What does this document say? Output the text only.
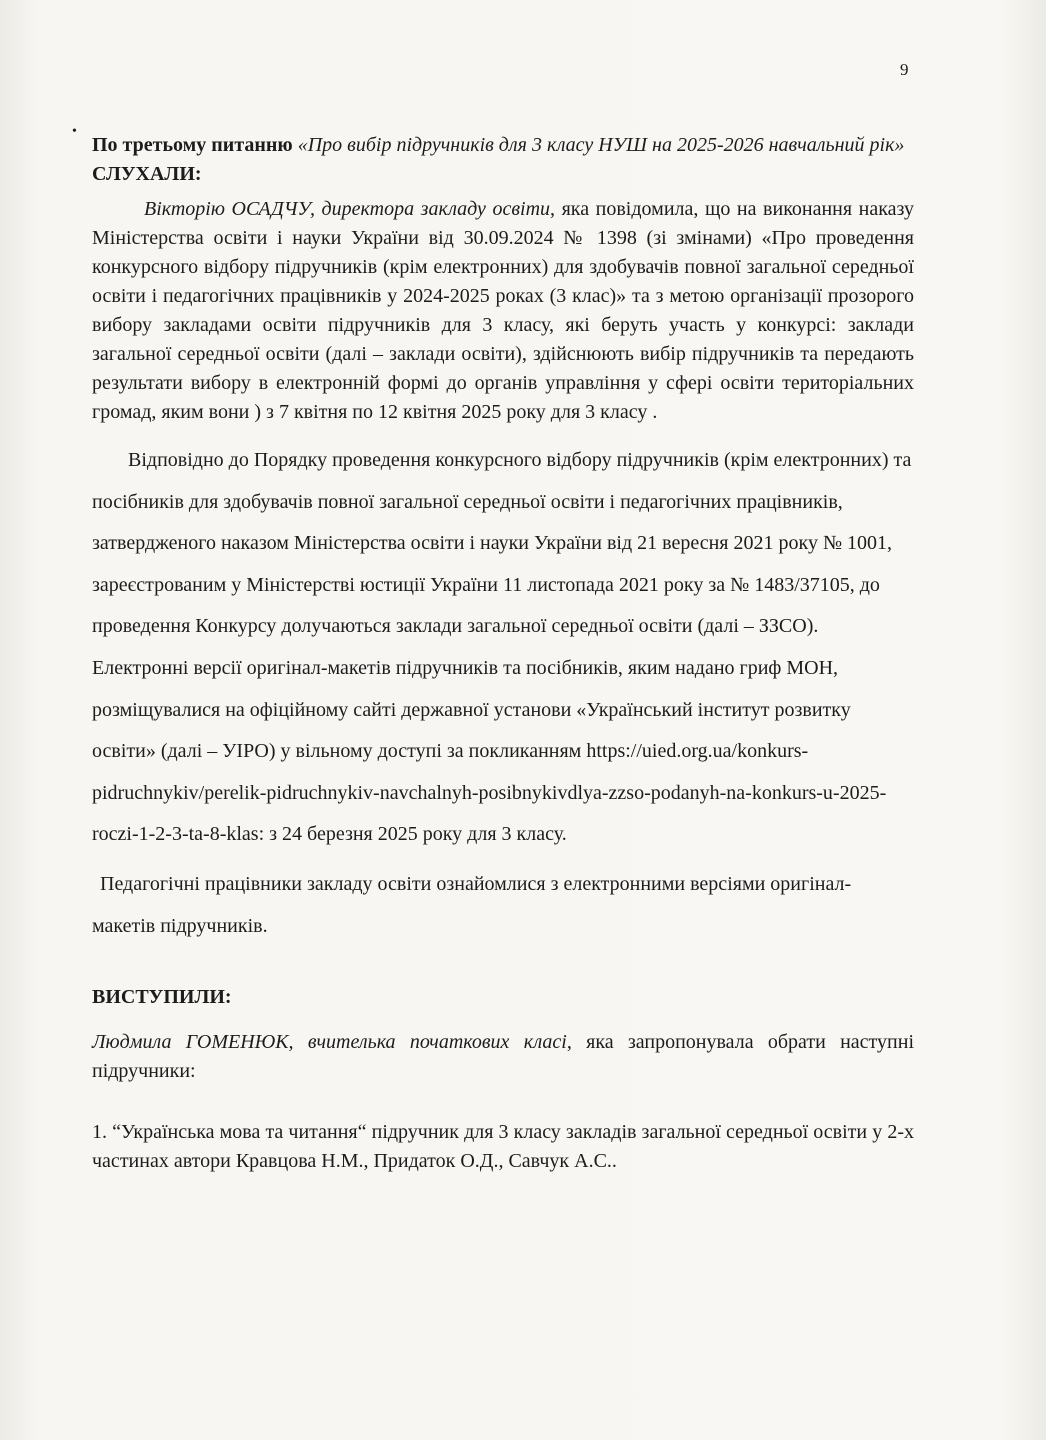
9
•

По третьому питанню «Про вибір підручників для 3 класу НУШ на 2025-2026 навчальний рік»

СЛУХАЛИ:

Вікторію ОСАДЧУ, директора закладу освіти, яка повідомила, що на виконання наказу Міністерства освіти і науки України від 30.09.2024 № 1398 (зі змінами) «Про проведення конкурсного відбору підручників (крім електронних) для здобувачів повної загальної середньої освіти і педагогічних працівників у 2024-2025 роках (3 клас)» та з метою організації прозорого вибору закладами освіти підручників для 3 класу, які беруть участь у конкурсі: заклади загальної середньої освіти (далі – заклади освіти), здійснюють вибір підручників та передають результати вибору в електронній формі до органів управління у сфері освіти територіальних громад, яким вони ) з 7 квітня по 12 квітня 2025 року для 3 класу .

Відповідно до Порядку проведення конкурсного відбору підручників (крім електронних) та посібників для здобувачів повної загальної середньої освіти і педагогічних працівників, затвердженого наказом Міністерства освіти і науки України від 21 вересня 2021 року № 1001, зареєстрованим у Міністерстві юстиції України 11 листопада 2021 року за № 1483/37105, до проведення Конкурсу долучаються заклади загальної середньої освіти (далі – ЗЗСО). Електронні версії оригінал-макетів підручників та посібників, яким надано гриф МОН, розміщувалися на офіційному сайті державної установи «Український інститут розвитку освіти» (далі – УІРО) у вільному доступі за покликанням https://uied.org.ua/konkurs-pidruchnykiv/perelik-pidruchnykiv-navchalnyh-posibnykivdlya-zzso-podanyh-na-konkurs-u-2025-roczi-1-2-3-ta-8-klas: з 24 березня 2025 року для 3 класу.

Педагогічні працівники закладу освіти ознайомлися з електронними версіями оригінал-макетів підручників.

ВИСТУПИЛИ:

Людмила ГОМЕНЮК, вчителька початкових класі, яка запропонувала обрати наступні підручники:

1. “Українська мова та читання“ підручник для 3 класу закладів загальної середньої освіти у 2-х частинах автори Кравцова Н.М., Придаток О.Д., Савчук А.С..
